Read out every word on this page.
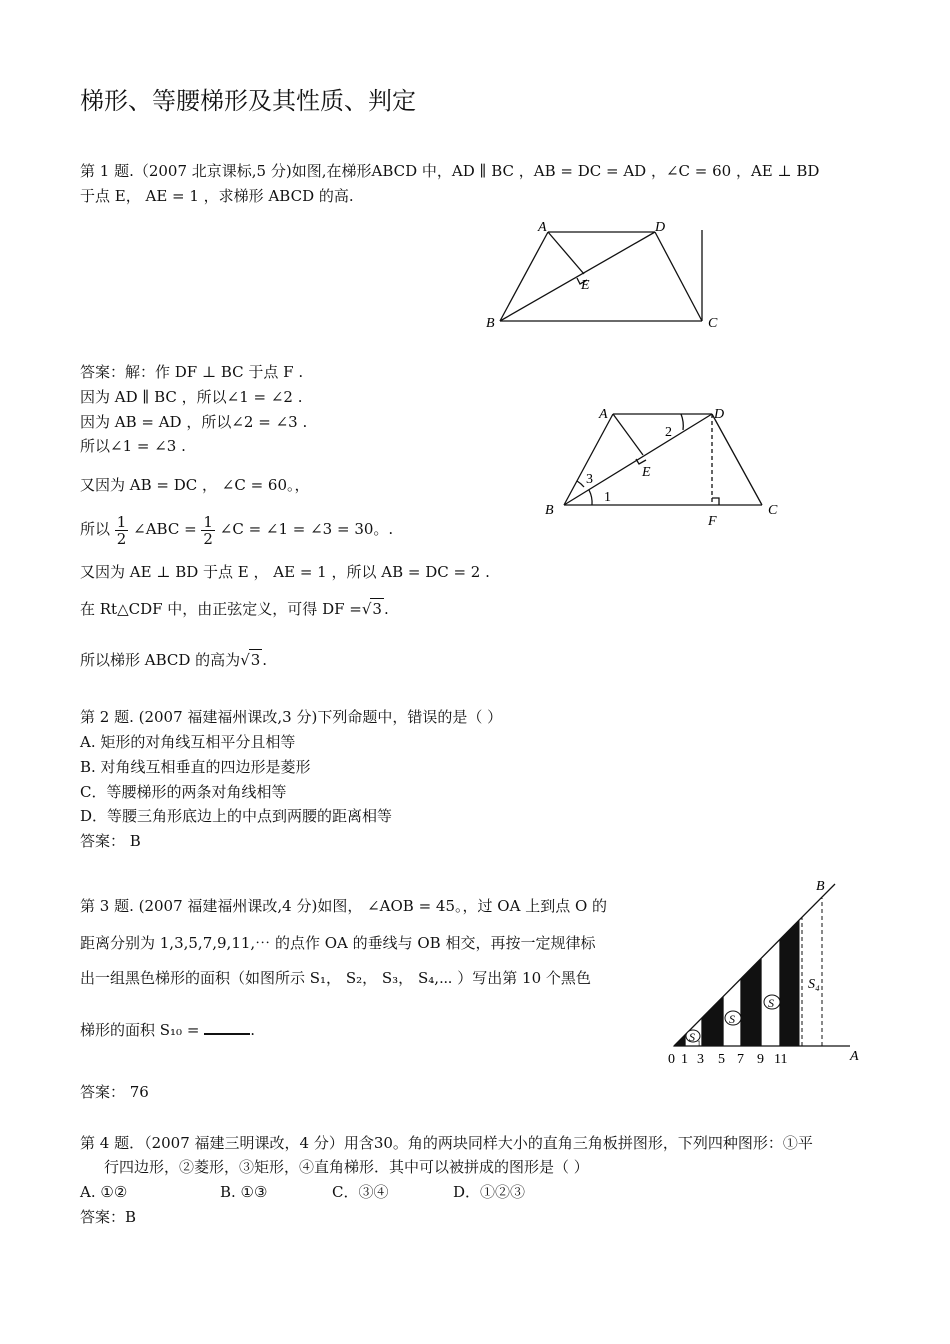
梯形、等腰梯形及其性质、判定
第 1 题.（2007 北京课标,5 分)如图,在梯形ABCD 中，AD ∥ BC ，AB = DC = AD ，∠C = 60 ，AE ⊥ BD
于点 E， AE = 1 ，求梯形 ABCD 的高.
A	D
E
B	C
答案：解：作 DF ⊥ BC 于点 F .
因为 AD ∥ BC ，所以∠1 = ∠2 .
因为 AB = AD ，所以∠2 = ∠3 .
所以∠1 = ∠3 .
又因为 AB = DC ， ∠C = 60。，
所以 $\frac{1}{2}$ ∠ABC = $\frac{1}{2}$ ∠C = ∠1 = ∠3 = 30。.
又因为 AE ⊥ BD 于点 E ， AE = 1 ，所以 AB = DC = 2 .
在 Rt△CDF 中，由正弦定义，可得 DF =√3 .
所以梯形 ABCD 的高为√3 .
A	D
E
B	C
F
1
2
3
第 2 题. (2007 福建福州课改,3 分)下列命题中，错误的是（ ）
A. 矩形的对角线互相平分且相等
B. 对角线互相垂直的四边形是菱形
C．等腰梯形的两条对角线相等
D．等腰三角形底边上的中点到两腰的距离相等
答案： B
第 3 题. (2007 福建福州课改,4 分)如图， ∠AOB = 45。，过 OA 上到点 O 的
距离分别为 1,3,5,7,9,11,⋯ 的点作 OA 的垂线与 OB 相交，再按一定规律标
出一组黑色梯形的面积（如图所示 S₁， S₂， S₃， S₄,⋯ ）写出第 10 个黑色
梯形的面积 S₁₀ =	.
答案： 76
S 1
S
S
S₄
B
A
0 1 3 5 7 9 11
第 4 题．（2007 福建三明课改，4 分）用含30。角的两块同样大小的直角三角板拼图形，下列四种图形：①平
行四边形，②菱形，③矩形，④直角梯形．其中可以被拼成的图形是（ ）
A. ①②	B. ①③	C．③④	D．①②③
答案：B
